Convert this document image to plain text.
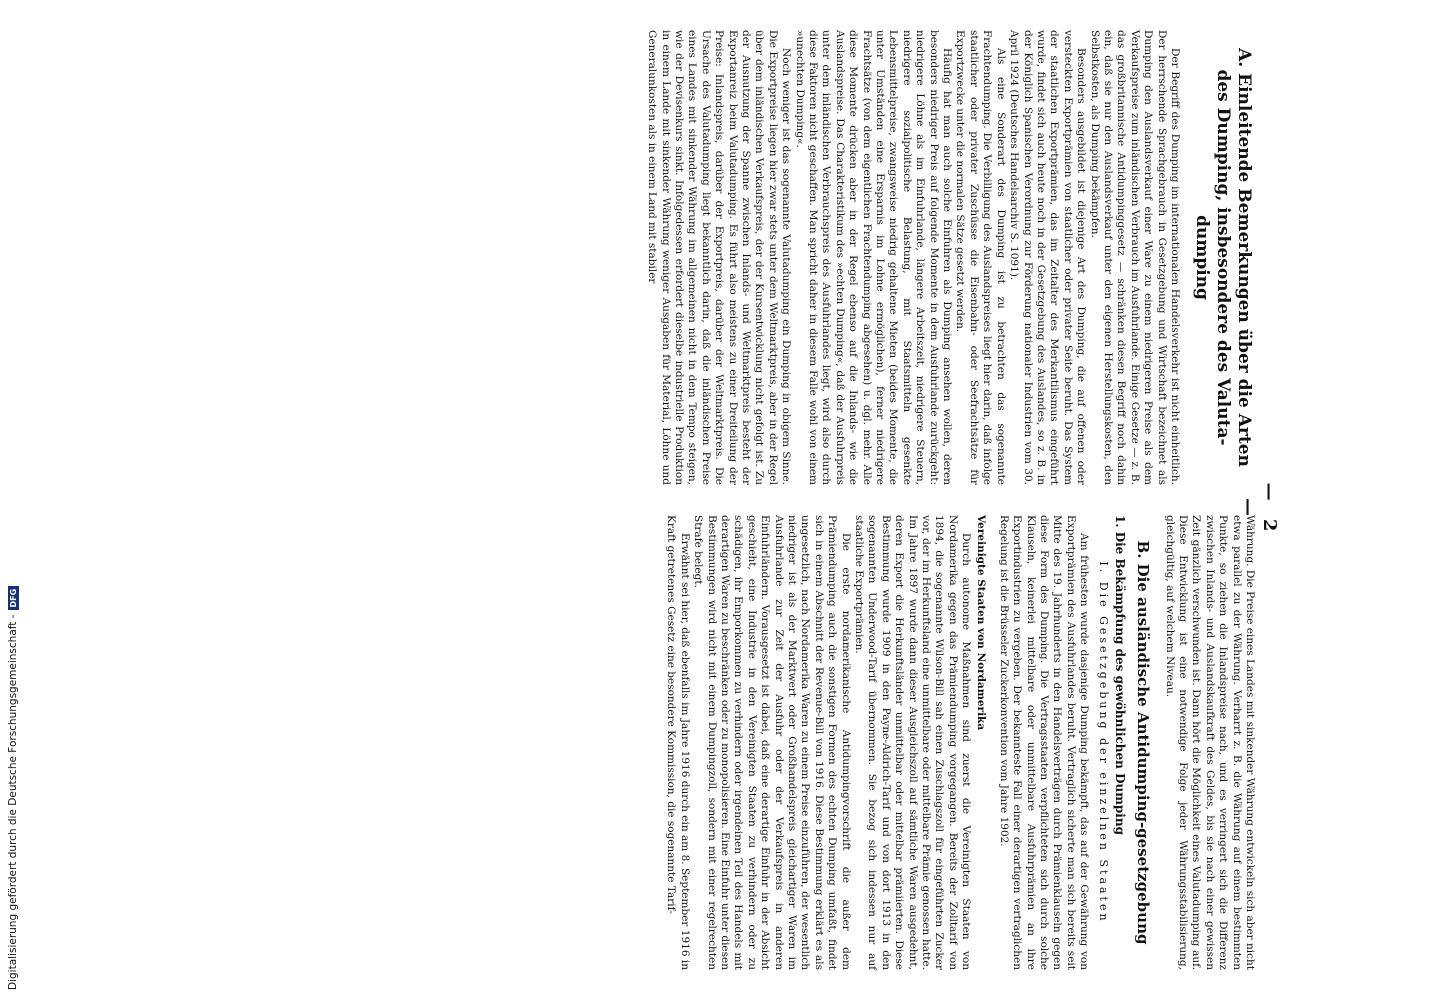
— 2 —
A. Einleitende Bemerkungen über die Arten des Dumping, insbesondere des Valuta-dumping

Der Begriff des Dumping im internationalen Handelsverkehr ist nicht einheitlich. Der herrschende Sprachgebrauch in Gesetzgebung und Wirtschaft bezeichnet als Dumping den Auslandsverkauf einer Ware zu einem niedrigeren Preise als dem Verkaufspreise zum inländischen Verbrauch im Ausfuhrlande. Einige Gesetze — z. B. das großbritannische Antidumpinggesetz — schränken diesen Begriff noch dahin ein, daß sie nur den Auslandsverkauf unter den eigenen Herstellungskosten, den Selbstkosten, als Dumping bekämpfen.

Besonders ausgebildet ist diejenige Art des Dumping, die auf offenen oder versteckten Exportprämien von staatlicher oder privater Seite beruht. Das System der staatlichen Exportprämien, das im Zeitalter des Merkantilismus eingeführt wurde, findet sich auch heute noch in der Gesetzgebung des Auslandes, so z. B. in der Königlich Spanischen Verordnung zur Förderung nationaler Industrien vom 30. April 1924 (Deutsches Handelsarchiv S. 1091).

Als eine Sonderart des Dumping ist zu betrachten das sogenannte Frachtendumping. Die Verbilligung des Auslandspreises liegt hier darin, daß infolge staatlicher oder privater Zuschüsse die Eisenbahn- oder Seefrachtsätze für Exportzwecke unter die normalen Sätze gesetzt werden.

Häufig hat man auch solche Einfuhren als Dumping ansehen wollen, deren besonders niedriger Preis auf folgende Momente in dem Ausfuhrlande zurückgeht: niedrigere Löhne als im Einfuhrlande, längere Arbeitszeit, niedrigere Steuern, niedrigere sozialpolitische Belastung, mit Staatsmitteln gesenkte Lebensmittelpreise, zwangsweise niedrig gehaltene Mieten (beides Momente, die unter Umständen eine Ersparnis im Lohne ermöglichen), ferner niedrigere Frachtsätze (von dem eigentlichen Frachtendumping abgesehen) u. dgl. mehr. Alle diese Momente drücken aber in der Regel ebenso auf die Inlands- wie die Auslandspreise. Das Charakteristikum des »echten Dumping«, daß der Ausfuhrpreis unter dem inländischen Verbrauchspreis des Ausfuhrlandes liegt, wird also durch diese Faktoren nicht geschaffen. Man spricht daher in diesem Falle wohl von einem »unechten Dumping«.

Noch weniger ist das sogenannte Valutadumping ein Dumping in obigem Sinne. Die Exportpreise liegen hier zwar stets unter dem Weltmarktpreis, aber in der Regel über dem inländischen Verkaufspreis, der der Kursentwicklung nicht gefolgt ist. Zu der Ausnutzung der Spanne zwischen Inlands- und Weltmarktpreis besteht der Exportanreiz beim Valutadumping. Es führt also meistens zu einer Dreiteilung der Preise: Inlandspreis, darüber der Exportpreis, darüber der Weltmarktpreis. Die Ursache des Valutadumping liegt bekanntlich darin, daß die inländischen Preise eines Landes mit sinkender Währung im allgemeinen nicht in dem Tempo steigen, wie der Devisenkurs sinkt. Infolgedessen erfordert dieselbe industrielle Produktion in einem Lande mit sinkender Währung weniger Ausgaben für Material, Löhne und Generalunkosten als in einem Land mit stabiler

Währung. Die Preise eines Landes mit sinkender Währung entwickeln sich aber nicht etwa parallel zu der Währung. Verharrt z. B. die Währung auf einem bestimmten Punkte, so ziehen die Inlandspreise nach, und es verringert sich die Differenz zwischen Inlands- und Auslandskaufkraft des Geldes, bis sie nach einer gewissen Zeit gänzlich verschwunden ist. Dann hört die Möglichkeit eines Valutadumping auf. Diese Entwicklung ist eine notwendige Folge jeder Währungsstabilisierung, gleichgültig, auf welchem Niveau.

B. Die ausländische Antidumping-gesetzgebung
1. Die Bekämpfung des gewöhnlichen Dumping
I. Die Gesetzgebung der einzelnen Staaten

Am frühesten wurde dasjenige Dumping bekämpft, das auf der Gewährung von Exportprämien des Ausfuhrlandes beruht. Vertraglich sicherte man sich bereits seit Mitte des 19. Jahrhunderts in den Handelsverträgen durch Prämienklauseln gegen diese Form des Dumping. Die Vertragsstaaten verpflichteten sich durch solche Klauseln, keinerlei mittelbare oder unmittelbare Ausfuhrprämien an ihre Exportindustrien zu vergeben. Der bekannteste Fall einer derartigen vertraglichen Regelung ist die Brüsseler Zuckerkonvention vom Jahre 1902.

Vereinigte Staaten von Nordamerika

Durch autonome Maßnahmen sind zuerst die Vereinigten Staaten von Nordamerika gegen das Prämiendumping vorgegangen. Bereits der Zolltarif von 1894, die sogenannte Wilson-Bill sah einen Zuschlagszoll für eingeführten Zucker vor, der im Herkunftsland eine unmittelbare oder mittelbare Prämie genossen hatte. Im Jahre 1897 wurde dann dieser Ausgleichszoll auf sämtliche Waren ausgedehnt, deren Export die Herkunftsländer unmittelbar oder mittelbar prämiierten. Diese Bestimmung wurde 1909 in den Payne-Aldrich-Tarif und von dort 1913 in den sogenannten Underwood-Tarif übernommen. Sie bezog sich indessen nur auf staatliche Exportprämien.

Die erste nordamerikanische Antidumpingvorschrift die außer dem Prämiendumping auch die sonstigen Formen des echten Dumping umfaßt, findet sich in einem Abschnitt der Revenue-Bill von 1916. Diese Bestimmung erklärt es als ungesetzlich, nach Nordamerika Waren zu einem Preise einzuführen, der wesentlich niedriger ist als der Marktwert oder Großhandelspreis gleichartiger Waren im Ausfuhrlande zur Zeit der Ausfuhr oder der Verkaufspreis in anderen Einfuhrländern. Vorausgesetzt ist dabei, daß eine derartige Einfuhr in der Absicht geschieht, eine Industrie in den Vereinigten Staaten zu verhindern oder zu schädigen, ihr Emporkommen zu verhindern oder irgendeinen Teil des Handels mit derartigen Waren zu beschränken oder zu monopolisieren. Eine Einfuhr unter diesen Bestimmungen wird nicht mit einem Dumpingzoll, sondern mit einer regelrechten Strafe belegt.

Erwähnt sei hier, daß ebenfalls im Jahre 1916 durch ein am 8. September 1916 in Kraft getretenes Gesetz eine besondere Kommission, die sogenannte Tarif-

Digitalisierung gefördert durch die Deutsche Forschungsgemeinschaft -
DFG
